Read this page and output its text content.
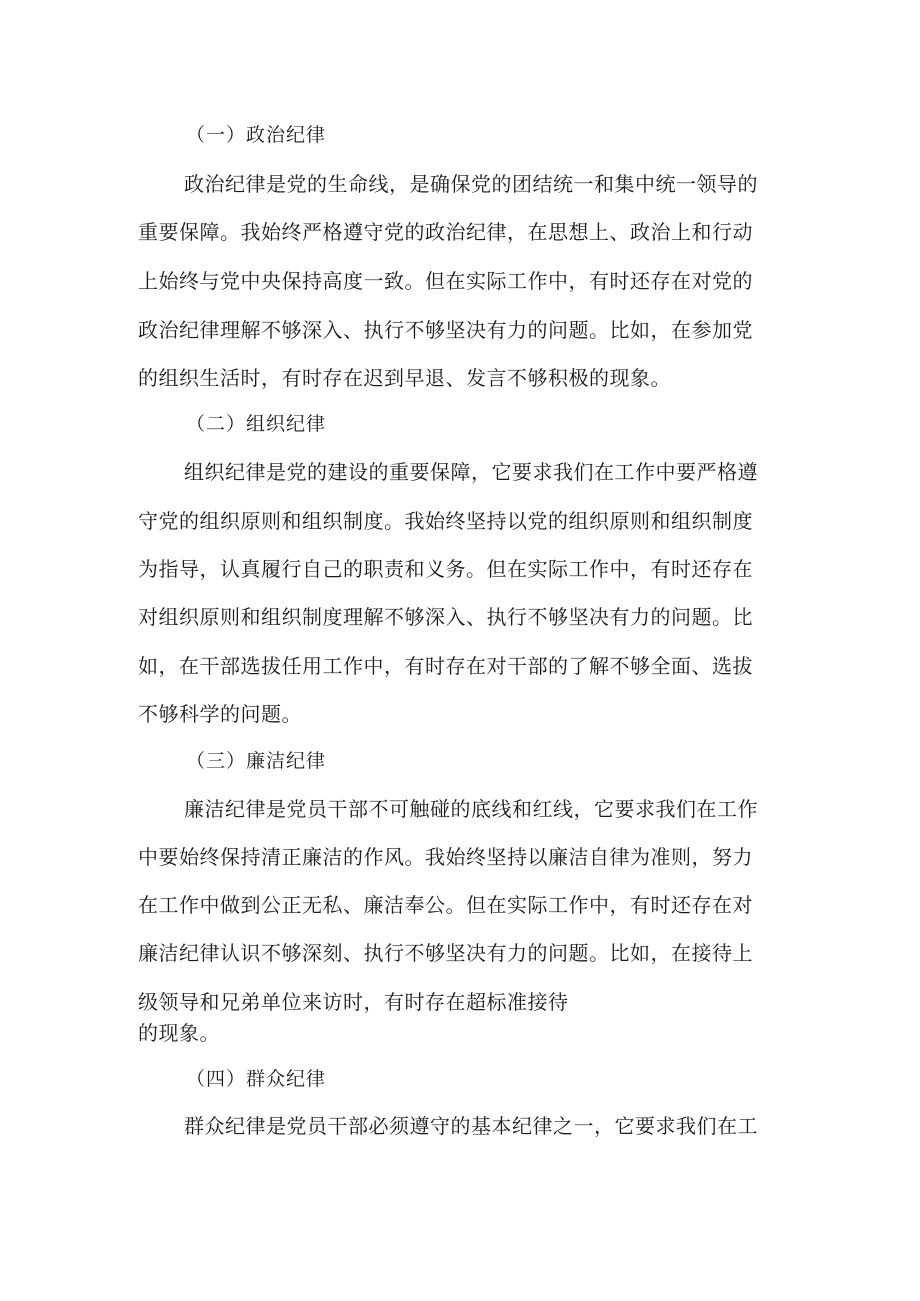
（一）政治纪律
政治纪律是党的生命线，是确保党的团结统一和集中统一领导的
重要保障。我始终严格遵守党的政治纪律，在思想上、政治上和行动
上始终与党中央保持高度一致。但在实际工作中，有时还存在对党的
政治纪律理解不够深入、执行不够坚决有力的问题。比如，在参加党
的组织生活时，有时存在迟到早退、发言不够积极的现象。
（二）组织纪律
组织纪律是党的建设的重要保障，它要求我们在工作中要严格遵
守党的组织原则和组织制度。我始终坚持以党的组织原则和组织制度
为指导，认真履行自己的职责和义务。但在实际工作中，有时还存在
对组织原则和组织制度理解不够深入、执行不够坚决有力的问题。比
如，在干部选拔任用工作中，有时存在对干部的了解不够全面、选拔
不够科学的问题。
（三）廉洁纪律
廉洁纪律是党员干部不可触碰的底线和红线，它要求我们在工作
中要始终保持清正廉洁的作风。我始终坚持以廉洁自律为准则，努力
在工作中做到公正无私、廉洁奉公。但在实际工作中，有时还存在对
廉洁纪律认识不够深刻、执行不够坚决有力的问题。比如，在接待上
级领导和兄弟单位来访时，有时存在超标准接待
的现象。
（四）群众纪律
群众纪律是党员干部必须遵守的基本纪律之一，它要求我们在工
